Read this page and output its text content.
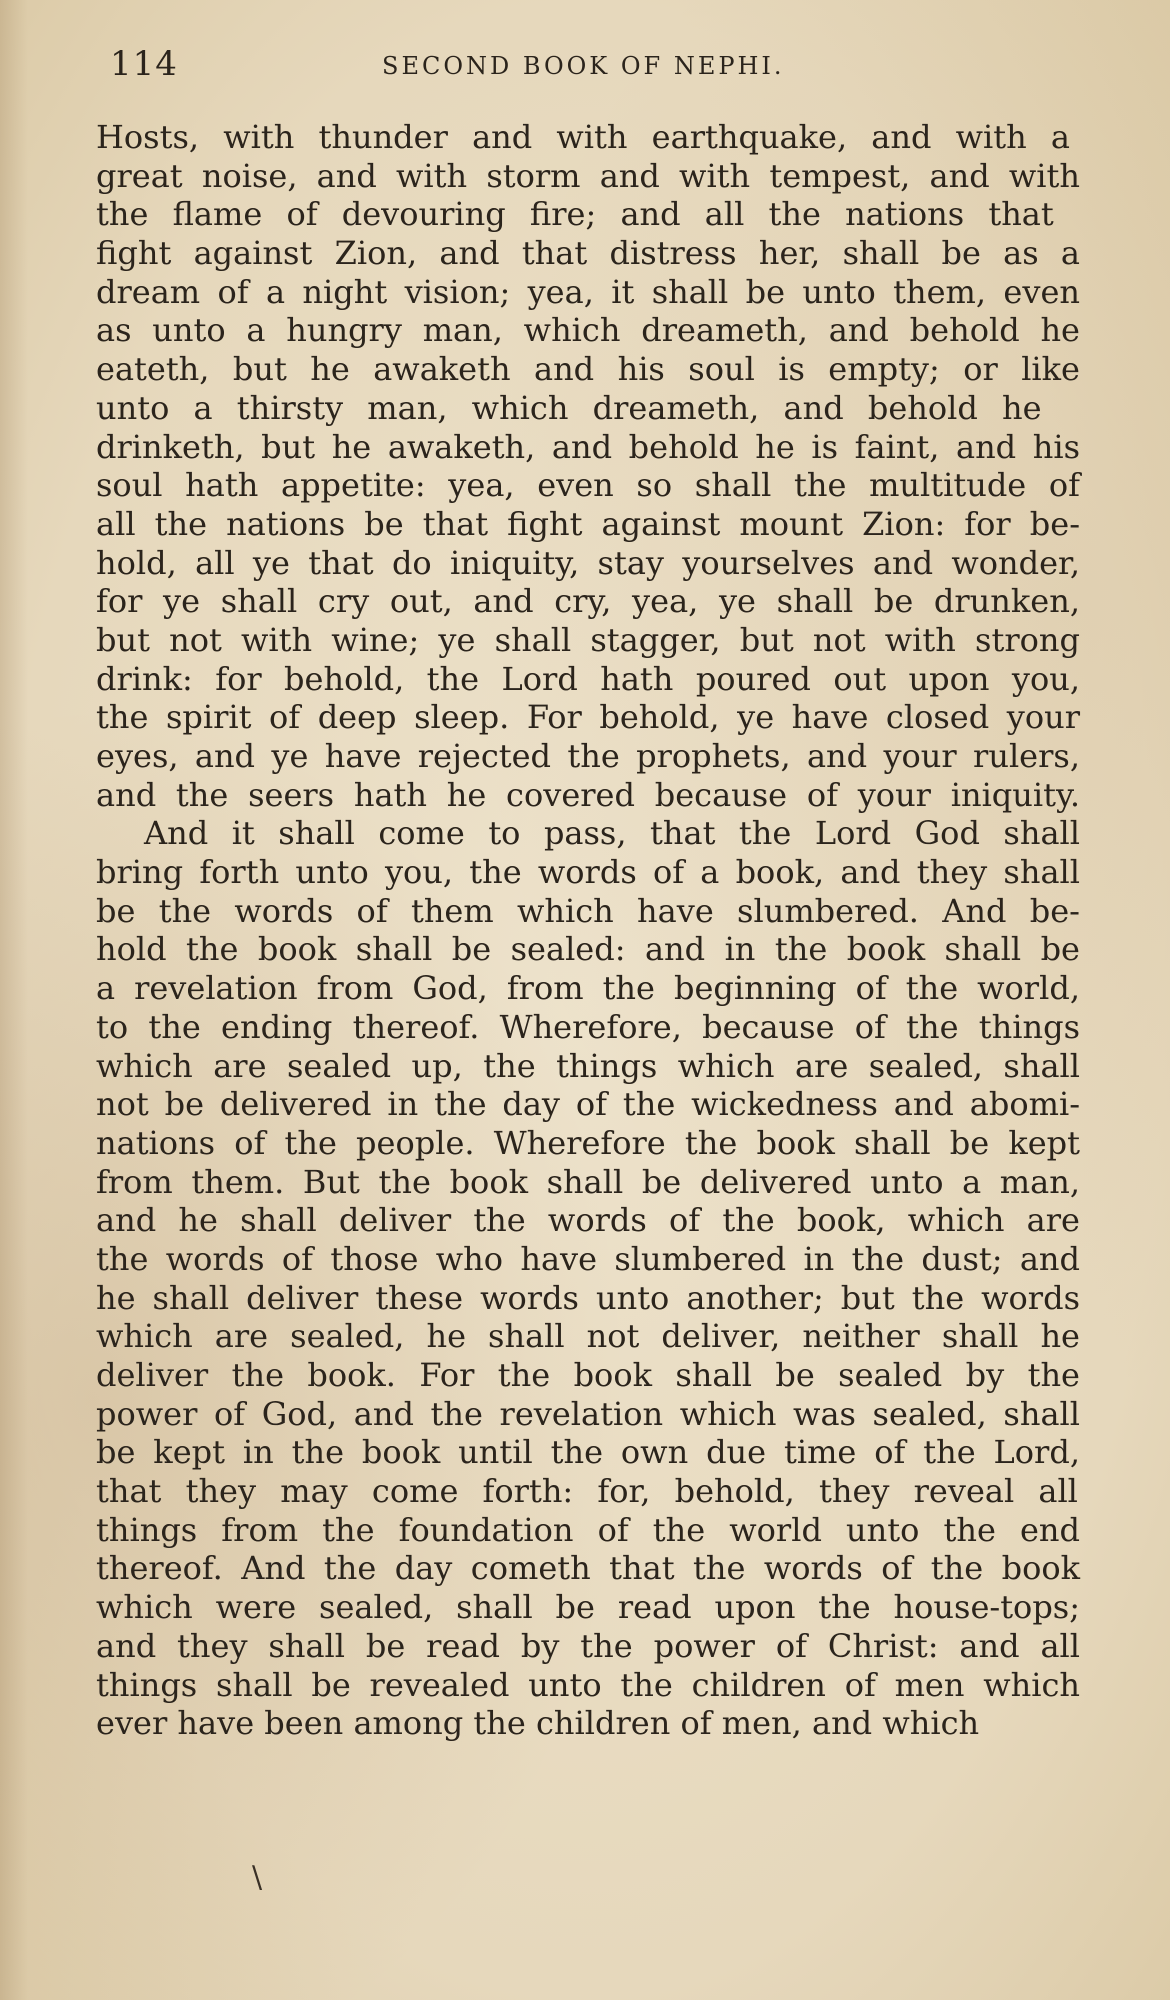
114	SECOND BOOK OF NEPHI.
Hosts, with thunder and with earthquake, and with a
great noise, and with storm and with tempest, and with
the flame of devouring fire; and all the nations that
fight against Zion, and that distress her, shall be as a
dream of a night vision; yea, it shall be unto them, even
as unto a hungry man, which dreameth, and behold he
eateth, but he awaketh and his soul is empty; or like
unto a thirsty man, which dreameth, and behold he
drinketh, but he awaketh, and behold he is faint, and his
soul hath appetite: yea, even so shall the multitude of
all the nations be that fight against mount Zion: for be-
hold, all ye that do iniquity, stay yourselves and wonder,
for ye shall cry out, and cry, yea, ye shall be drunken,
but not with wine; ye shall stagger, but not with strong
drink: for behold, the Lord hath poured out upon you,
the spirit of deep sleep. For behold, ye have closed your
eyes, and ye have rejected the prophets, and your rulers,
and the seers hath he covered because of your iniquity.
And it shall come to pass, that the Lord God shall
bring forth unto you, the words of a book, and they shall
be the words of them which have slumbered. And be-
hold the book shall be sealed: and in the book shall be
a revelation from God, from the beginning of the world,
to the ending thereof. Wherefore, because of the things
which are sealed up, the things which are sealed, shall
not be delivered in the day of the wickedness and abomi-
nations of the people. Wherefore the book shall be kept
from them. But the book shall be delivered unto a man,
and he shall deliver the words of the book, which are
the words of those who have slumbered in the dust; and
he shall deliver these words unto another; but the words
which are sealed, he shall not deliver, neither shall he
deliver the book. For the book shall be sealed by the
power of God, and the revelation which was sealed, shall
be kept in the book until the own due time of the Lord,
that they may come forth: for, behold, they reveal all
things from the foundation of the world unto the end
thereof. And the day cometh that the words of the book
which were sealed, shall be read upon the house-tops;
and they shall be read by the power of Christ: and all
things shall be revealed unto the children of men which
ever have been among the children of men, and which
\
